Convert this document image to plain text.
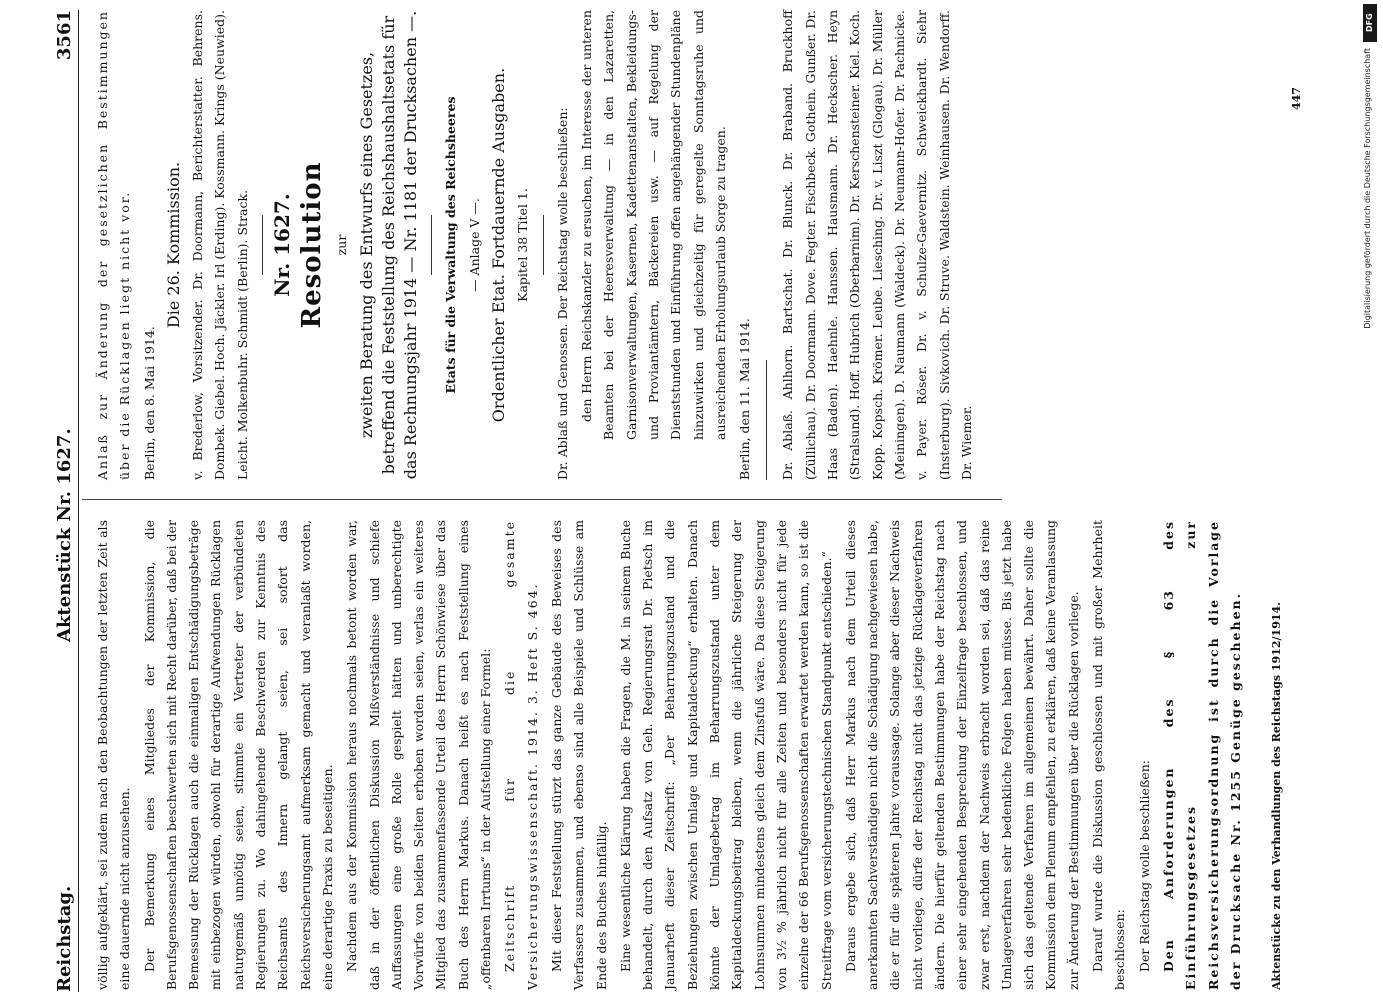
Reichstag.
Aktenstück Nr. 1627.
3561

völlig aufgeklärt, sei zudem nach den Beobachtungen der letzten Zeit als eine dauernde nicht anzusehen. Der Bemerkung eines Mitgliedes der Kommission, die Berufsgenossenschaften beschwerten sich mit Recht darüber, daß bei der Bemessung der Rücklagen auch die einmaligen Entschädigungsbeträge mit einbezogen würden, obwohl für derartige Aufwendungen Rücklagen naturgemäß unnötig seien, stimmte ein Vertreter der verbündeten Regierungen zu. Wo dahingehende Beschwerden zur Kenntnis des Reichsamts des Innern gelangt seien, sei sofort das Reichsversicherungsamt aufmerksam gemacht und veranlaßt worden, eine derartige Praxis zu beseitigen. Nachdem aus der Kommission heraus nochmals betont worden war, daß in der öffentlichen Diskussion Mißverständnisse und schiefe Auffassungen eine große Rolle gespielt hätten und unberechtigte Vorwürfe von beiden Seiten erhoben worden seien, verlas ein weiteres Mitglied das zusammenfassende Urteil des Herrn Schönwiese über das Buch des Herrn Markus. Danach heißt es nach Feststellung eines „offenbaren Irrtums“ in der Aufstellung einer Formel: Zeitschrift für die gesamte Versicherungswissenschaft. 1914. 3. Heft S. 464. Mit dieser Feststellung stürzt das ganze Gebäude des Beweises des Verfassers zusammen, und ebenso sind alle Beispiele und Schlüsse am Ende des Buches hinfällig. Eine wesentliche Klärung haben die Fragen, die M. in seinem Buche behandelt, durch den Aufsatz von Geh. Regierungsrat Dr. Pietsch im Januarheft dieser Zeitschrift: „Der Beharrungszustand und die Beziehungen zwischen Umlage und Kapitaldeckung“ erhalten. Danach könnte der Umlagebetrag im Beharrungszustand unter dem Kapitaldeckungsbeitrag bleiben, wenn die jährliche Steigerung der Lohnsummen mindestens gleich dem Zinsfuß wäre. Da diese Steigerung von 3½ % jährlich nicht für alle Zeiten und besonders nicht für jede einzelne der 66 Berufsgenossenschaften erwartet werden kann, so ist die Streitfrage vom versicherungstechnischen Standpunkt entschieden.“ Daraus ergebe sich, daß Herr Markus nach dem Urteil dieses anerkannten Sachverständigen nicht die Schädigung nachgewiesen habe, die er für die späteren Jahre voraussage. Solange aber dieser Nachweis nicht vorliege, dürfe der Reichstag nicht das jetzige Rücklageverfahren ändern. Die hierfür geltenden Bestimmungen habe der Reichstag nach einer sehr eingehenden Besprechung der Einzelfrage beschlossen, und zwar erst, nachdem der Nachweis erbracht worden sei, daß das reine Umlageverfahren sehr bedenkliche Folgen haben müsse. Bis jetzt habe sich das geltende Verfahren im allgemeinen bewährt. Daher sollte die Kommission dem Plenum empfehlen, zu erklären, daß keine Veranlassung zur Änderung der Bestimmungen über die Rücklagen vorliege. Darauf wurde die Diskussion geschlossen und mit großer Mehrheit beschlossen: Der Reichstag wolle beschließen: Den Anforderungen des § 63 des Einführungsgesetzes zur Reichsversicherungsordnung ist durch die Vorlage der Drucksache Nr. 1255 Genüge geschehen.	Aktenstücke zu den Verhandlungen des Reichstags 1912/1914.

Anlaß zur Änderung der gesetzlichen Bestimmungen über die Rücklagen liegt nicht vor. Berlin, den 8. Mai 1914.

Die 26. Kommission. v. Brederlow, Vorsitzender. Dr. Doormann, Berichterstatter. Behrens. Dombek. Giebel. Hoch. Jäckler. Irl (Erding). Kossmann. Krings (Neuwied). Leicht. Molkenbuhr. Schmidt (Berlin). Strack. Nr. 1627. Resolution zur zweiten Beratung des Entwurfs eines Gesetzes, betreffend die Feststellung des Reichshaushaltsetats für das Rechnungsjahr 1914 — Nr. 1181 der Drucksachen —. Etats für die Verwaltung des Reichsheeres — Anlage V —. Ordentlicher Etat. Fortdauernde Ausgaben. Kapitel 38 Titel 1.	Dr. Ablaß und Genossen. Der Reichstag wolle beschließen: den Herrn Reichskanzler zu ersuchen, im Interesse der unteren Beamten bei der Heeresverwaltung — in den Lazaretten, Garnisonverwaltungen, Kasernen, Kadettenanstalten, Bekleidungs- und Proviantämtern, Bäckereien usw. — auf Regelung der Dienststunden und Einführung offen angehängender Stundenpläne hinzuwirken und gleichzeitig für geregelte Sonntagsruhe und ausreichenden Erholungsurlaub Sorge zu tragen. Berlin, den 11. Mai 1914.	Dr. Ablaß. Ahlhorn. Bartschat. Dr. Blunck. Dr. Braband. Bruckhoff (Züllichau). Dr. Doormann. Dove. Fegter. Fischbeck. Gothein. Gunßer. Dr. Haas (Baden). Haehnle. Hanssen. Hausmann. Dr. Heckscher. Heyn (Stralsund). Hoff. Hubrich (Oberbarnim). Dr. Kerschensteiner. Kiel. Koch. Kopp. Kopsch. Krömer. Leube. Liesching. Dr. v. Liszt (Glogau). Dr. Müller (Meiningen). D. Naumann (Waldeck). Dr. Neumann-Hofer. Dr. Pachnicke. v. Payer. Röser. Dr. v. Schulze-Gaevernitz. Schweickhardt. Siehr (Insterburg). Sivkovich. Dr. Struve. Waldstein. Weinhausen. Dr. Wendorff. Dr. Wiemer.

447
DFG
Digitalisierung gefördert durch die Deutsche Forschungsgemeinschaft
